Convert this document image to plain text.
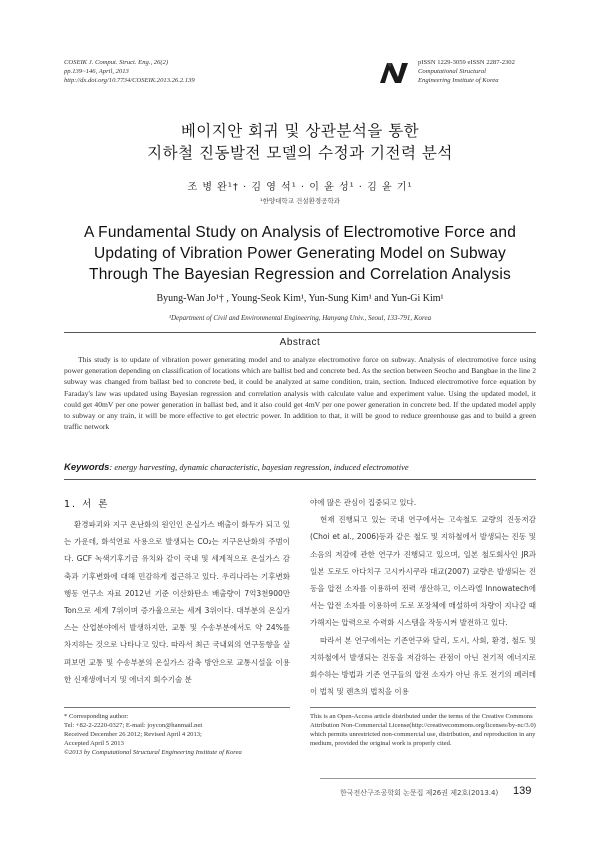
COSEIK J. Comput. Struct. Eng., 26(2)
pp.139~146, April, 2013
http://dx.doi.org/10.7734/COSEIK.2013.26.2.139
pISSN 1229-3059 eISSN 2287-2302
Computational Structural
Engineering Institute of Korea
베이지안 회귀 및 상관분석을 통한
지하철 진동발전 모델의 수정과 기전력 분석
조 병 완¹† · 김 영 석¹ · 이 윤 성¹ · 김 윤 기¹
¹한양대학교 건설환경공학과
A Fundamental Study on Analysis of Electromotive Force and
Updating of Vibration Power Generating Model on Subway
Through The Bayesian Regression and Correlation Analysis
Byung-Wan Jo¹† , Young-Seok Kim¹, Yun-Sung Kim¹ and Yun-Gi Kim¹
¹Department of Civil and Environmental Engineering, Hanyang Univ., Seoul, 133-791, Korea
Abstract
This study is to update of vibration power generating model and to analyze electromotive force on subway. Analysis of electromotive force using power generation depending on classification of locations which are ballist bed and concrete bed. As the section between Seocho and Bangbae in the line 2 subway was changed from ballast bed to concrete bed, it could be analyzed at same condition, train, section. Induced electromotive force equation by Faraday's law was updated using Bayesian regression and correlation analysis with calculate value and experiment value. Using the updated model, it could get 40mV per one power generation in ballast bed, and it also could get 4mV per one power generation in concrete bed. If the updated model apply to subway or any train, it will be more effective to get electric power. In addition to that, it will be good to reduce greenhouse gas and to build a green traffic network
Keywords: energy harvesting, dynamic characteristic, bayesian regression, induced electromotive
1. 서 론

환경파괴와 지구 온난화의 원인인 온실가스 배출이 화두가 되고 있는 가운데, 화석연료 사용으로 발생되는 CO₂는 지구온난화의 주범이다. GCF 녹색기후기금 유치와 같이 국내 및 세계적으로 온실가스 감축과 기후변화에 대해 민감하게 접근하고 있다. 우리나라는 기후변화행동 연구소 자료 2012년 기준 이산화탄소 배출량이 7억3천900만 Ton으로 세계 7위이며 증가율으로는 세계 3위이다. 대부분의 온실가스는 산업분야에서 발생하지만, 교통 및 수송부분에서도 약 24%를 차지하는 것으로 나타나고 있다. 따라서 최근 국내외의 연구동향을 살펴보면 교통 및 수송부분의 온실가스 감축 방안으로 교통시설을 이용한 신재생에너지 및 에너지 회수기술 분

야에 많은 관심이 집중되고 있다.

현재 진행되고 있는 국내 연구에서는 고속철도 교량의 진동저감(Choi et al., 2006)등과 같은 철도 및 지하철에서 발생되는 진동 및 소음의 저감에 관한 연구가 진행되고 있으며, 일본 철도회사인 JR과 일본 도로도 아다치구 고시카시쿠라 대교(2007) 교량은 발생되는 진동을 압전 소자를 이용하여 전력 생산하고, 이스라엘 Innowatech에서는 압전 소자를 이용하여 도로 포장체에 매설하여 차량이 지나갈 때 가해지는 압력으로 수력화 시스템을 작동시켜 발전하고 있다.

따라서 본 연구에서는 기존연구와 달리, 도시, 사회, 환경, 철도 및 지하철에서 발생되는 진동을 저감하는 관점이 아닌 전기적 에너지로 회수하는 방법과 기존 연구들의 압전 소자가 아닌 유도 전기의 페러데이 법칙 및 렌츠의 법칙을 이용

* Corresponding author:
Tel: +82-2-2220-0327; E-mail: joycon@hanmail.net
Received December 26 2012; Revised April 4 2013;
Accepted April 5 2013
©2013 by Computational Structural Engineering Institute of Korea
This is an Open-Access article distributed under the terms of the Creative Commons Attribution Non-Commercial License(http://creativecommons.org/licenses/by-nc/3.0) which permits unrestricted non-commercial use, distribution, and reproduction in any medium, provided the original work is properly cited.
한국전산구조공학회 논문집 제26권 제2호(2013.4) 139
